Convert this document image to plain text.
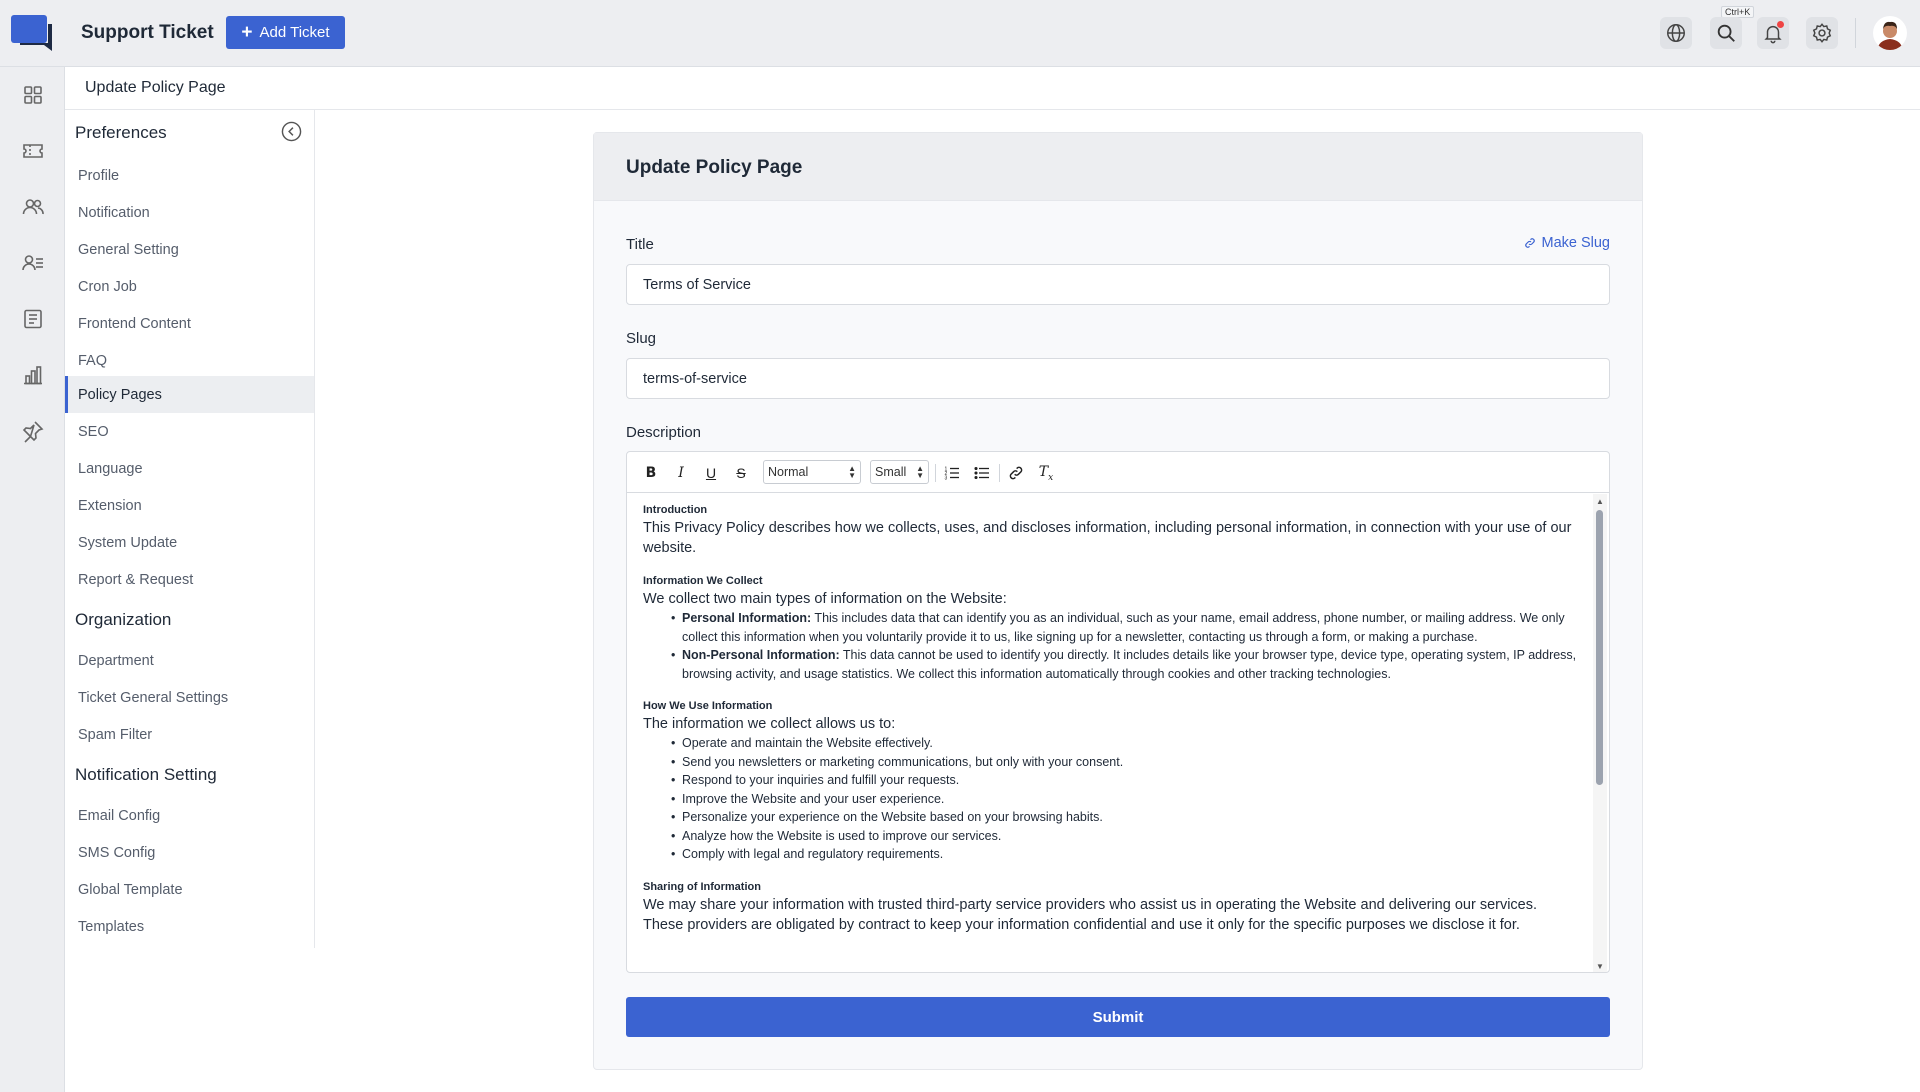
Support Ticket + Add Ticket
Ctrl+K
Update Policy Page
Preferences
Profile
Notification
General Setting
Cron Job
Frontend Content
FAQ
Policy Pages
SEO
Language
Extension
System Update
Report & Request
Organization
Department
Ticket General Settings
Spam Filter
Notification Setting
Email Config
SMS Config
Global Template
Templates
Update Policy Page
Title	Make Slug
Terms of Service
Slug
terms-of-service
Description
B	I	U	S	Normal	▲
▼ Small ▲
▼
1
2
3	$T_x$
Introduction
This Privacy Policy describes how we collects, uses, and discloses information, including personal information, in connection with your use of our website.
Information We Collect
We collect two main types of information on the Website:
• Personal Information: This includes data that can identify you as an individual, such as your name, email address, phone number, or mailing address. We only collect this information when you voluntarily provide it to us, like signing up for a newsletter, contacting us through a form, or making a purchase.
• Non-Personal Information: This data cannot be used to identify you directly. It includes details like your browser type, device type, operating system, IP address, browsing activity, and usage statistics. We collect this information automatically through cookies and other tracking technologies.
How We Use Information
The information we collect allows us to:
• Operate and maintain the Website effectively.
• Send you newsletters or marketing communications, but only with your consent.
• Respond to your inquiries and fulfill your requests.
• Improve the Website and your user experience.
• Personalize your experience on the Website based on your browsing habits.
• Analyze how the Website is used to improve our services.
• Comply with legal and regulatory requirements.
Sharing of Information
We may share your information with trusted third-party service providers who assist us in operating the Website and delivering our services. These providers are obligated by contract to keep your information confidential and use it only for the specific purposes we disclose it for.
▲
▼
Submit
